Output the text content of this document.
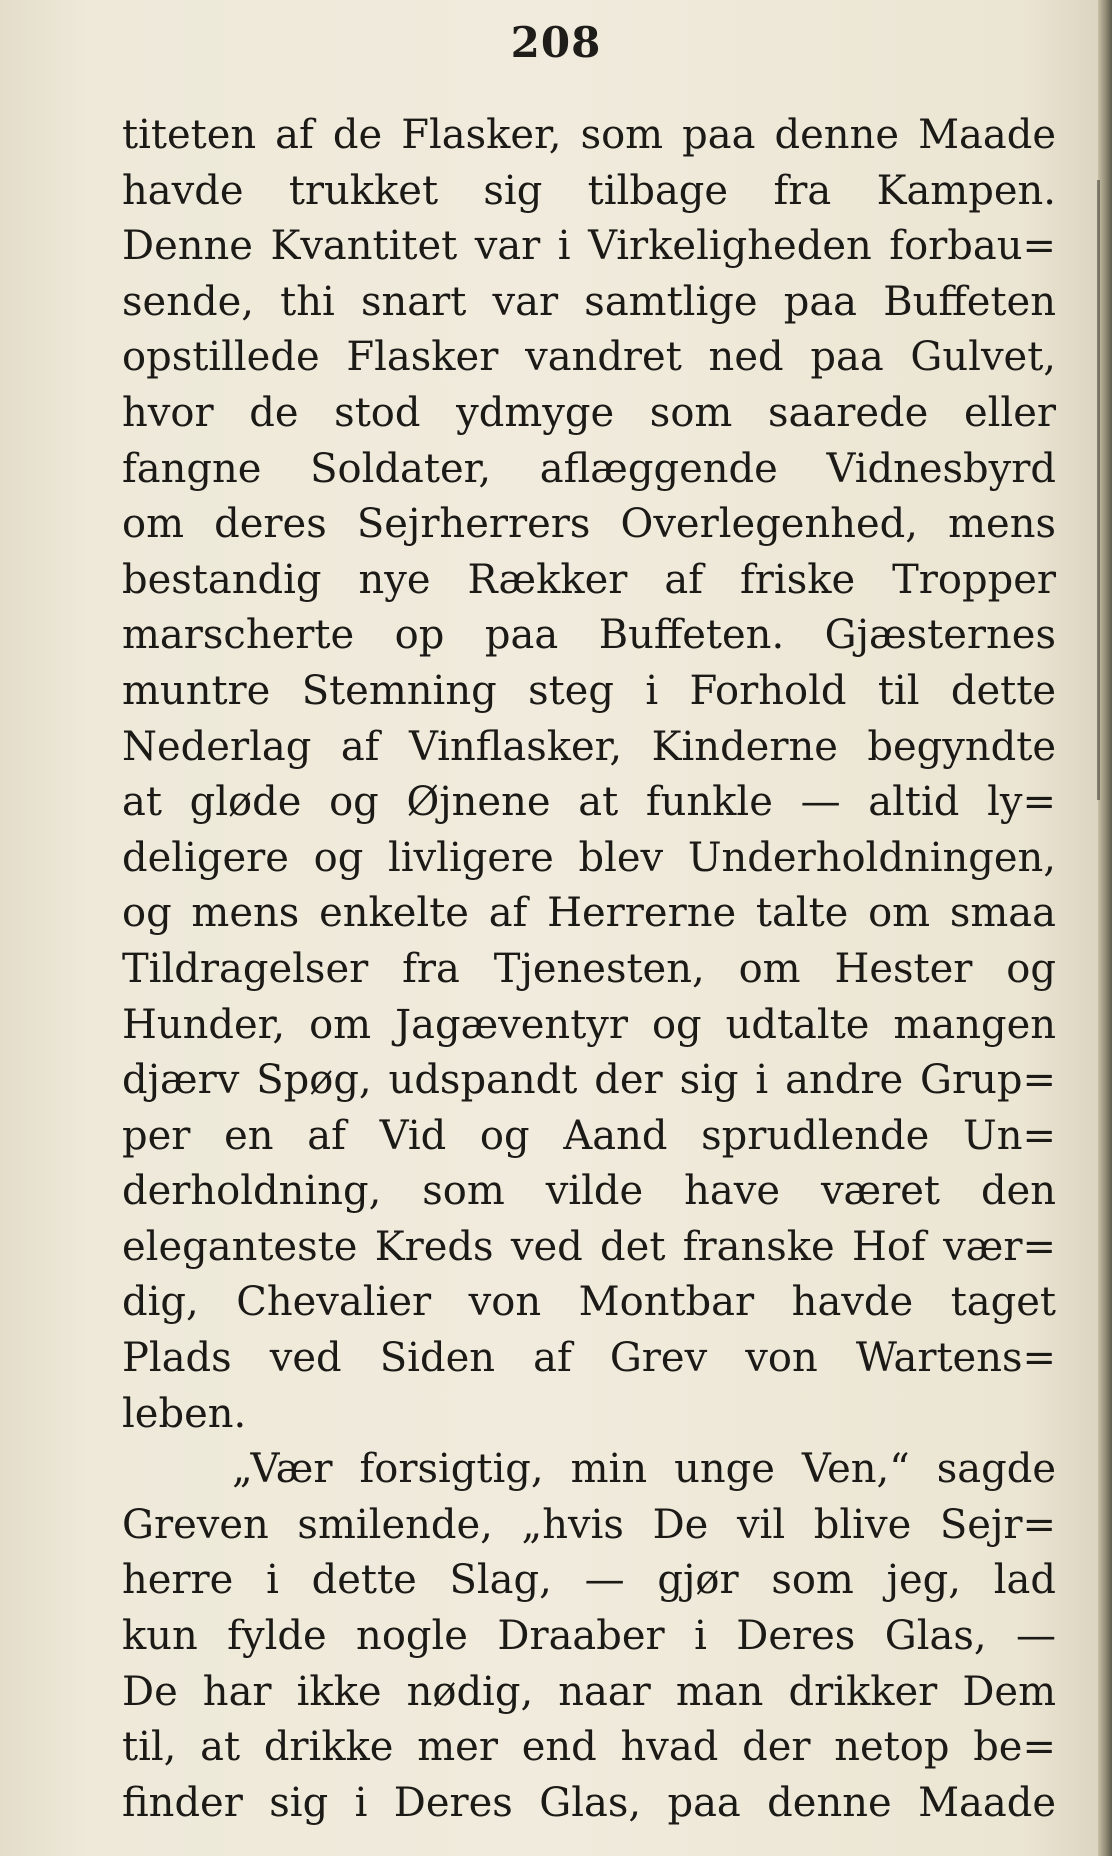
208
titeten af de Flasker, som paa denne Maade
havde trukket sig tilbage fra Kampen.
Denne Kvantitet var i Virkeligheden forbau=
sende, thi snart var samtlige paa Buffeten
opstillede Flasker vandret ned paa Gulvet,
hvor de stod ydmyge som saarede eller
fangne Soldater, aflæggende Vidnesbyrd
om deres Sejrherrers Overlegenhed, mens
bestandig nye Rækker af friske Tropper
marscherte op paa Buffeten. Gjæsternes
muntre Stemning steg i Forhold til dette
Nederlag af Vinflasker, Kinderne begyndte
at gløde og Øjnene at funkle — altid ly=
deligere og livligere blev Underholdningen,
og mens enkelte af Herrerne talte om smaa
Tildragelser fra Tjenesten, om Hester og
Hunder, om Jagæventyr og udtalte mangen
djærv Spøg, udspandt der sig i andre Grup=
per en af Vid og Aand sprudlende Un=
derholdning, som vilde have været den
eleganteste Kreds ved det franske Hof vær=
dig, Chevalier von Montbar havde taget
Plads ved Siden af Grev von Wartens=
leben.
„Vær forsigtig, min unge Ven,“ sagde
Greven smilende, „hvis De vil blive Sejr=
herre i dette Slag, — gjør som jeg, lad
kun fylde nogle Draaber i Deres Glas, —
De har ikke nødig, naar man drikker Dem
til, at drikke mer end hvad der netop be=
finder sig i Deres Glas, paa denne Maade
